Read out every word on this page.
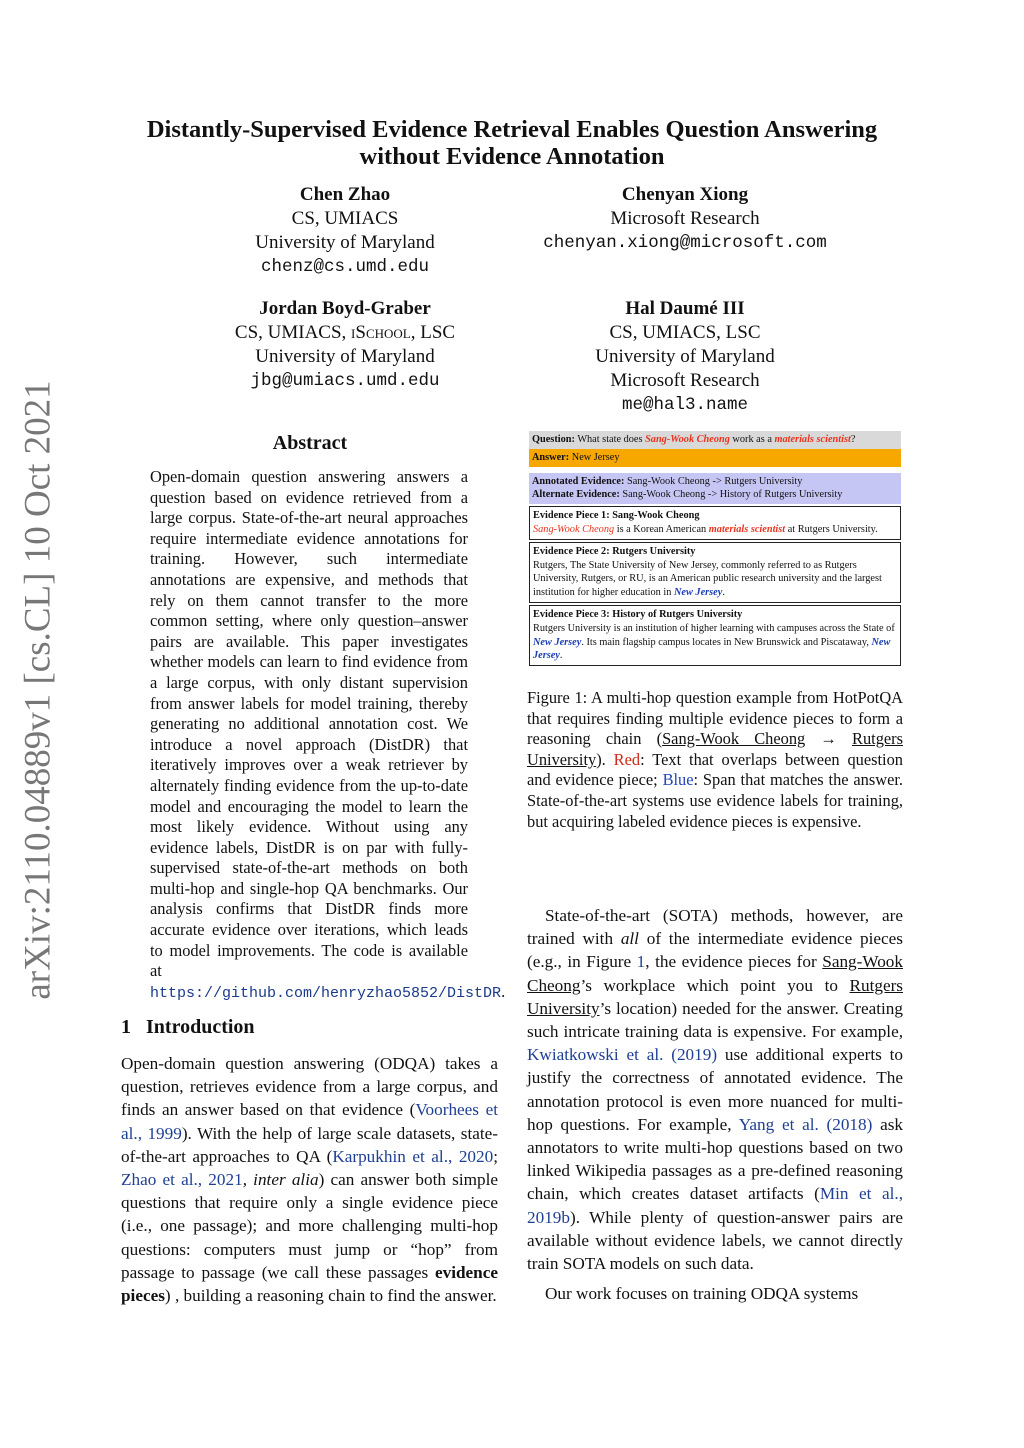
arXiv:2110.04889v1 [cs.CL] 10 Oct 2021
Distantly-Supervised Evidence Retrieval Enables Question Answering
without Evidence Annotation
Chen Zhao
CS, UMIACS
University of Maryland
chenz@cs.umd.edu
Chenyan Xiong
Microsoft Research
chenyan.xiong@microsoft.com
Jordan Boyd-Graber
CS, UMIACS, iSchool, LSC
University of Maryland
jbg@umiacs.umd.edu
Hal Daumé III
CS, UMIACS, LSC
University of Maryland
Microsoft Research
me@hal3.name
Abstract
Open-domain question answering answers a question based on evidence retrieved from a large corpus. State-of-the-art neural approaches require intermediate evidence annotations for training. However, such intermediate annotations are expensive, and methods that rely on them cannot transfer to the more common setting, where only question–answer pairs are available. This paper investigates whether models can learn to find evidence from a large corpus, with only distant supervision from answer labels for model training, thereby generating no additional annotation cost. We introduce a novel approach (DistDR) that iteratively improves over a weak retriever by alternately finding evidence from the up-to-date model and encouraging the model to learn the most likely evidence. Without using any evidence labels, DistDR is on par with fully-supervised state-of-the-art methods on both multi-hop and single-hop QA benchmarks. Our analysis confirms that DistDR finds more accurate evidence over iterations, which leads to model improvements. The code is available at https://github.com/henryzhao5852/DistDR.
1 Introduction
Open-domain question answering (ODQA) takes a question, retrieves evidence from a large corpus, and finds an answer based on that evidence (Voorhees et al., 1999). With the help of large scale datasets, state-of-the-art approaches to QA (Karpukhin et al., 2020; Zhao et al., 2021, inter alia) can answer both simple questions that require only a single evidence piece (i.e., one passage); and more challenging multi-hop questions: computers must jump or “hop” from passage to passage (we call these passages evidence pieces) , building a reasoning chain to find the answer.
Question: What state does Sang-Wook Cheong work as a materials scientist?
Answer: New Jersey
Annotated Evidence: Sang-Wook Cheong -> Rutgers University
Alternate Evidence: Sang-Wook Cheong -> History of Rutgers University
Evidence Piece 1: Sang-Wook Cheong
Sang-Wook Cheong is a Korean American materials scientist at Rutgers University.
Evidence Piece 2: Rutgers University
Rutgers, The State University of New Jersey, commonly referred to as Rutgers University, Rutgers, or RU, is an American public research university and the largest institution for higher education in New Jersey.
Evidence Piece 3: History of Rutgers University
Rutgers University is an institution of higher learning with campuses across the State of New Jersey. Its main flagship campus locates in New Brunswick and Piscataway, New Jersey.
Figure 1: A multi-hop question example from HotPotQA that requires finding multiple evidence pieces to form a reasoning chain (Sang-Wook Cheong → Rutgers University). Red: Text that overlaps between question and evidence piece; Blue: Span that matches the answer. State-of-the-art systems use evidence labels for training, but acquiring labeled evidence pieces is expensive.

State-of-the-art (SOTA) methods, however, are trained with all of the intermediate evidence pieces (e.g., in Figure 1, the evidence pieces for Sang-Wook Cheong’s workplace which point you to Rutgers University’s location) needed for the answer. Creating such intricate training data is expensive. For example, Kwiatkowski et al. (2019) use additional experts to justify the correctness of annotated evidence. The annotation protocol is even more nuanced for multi-hop questions. For example, Yang et al. (2018) ask annotators to write multi-hop questions based on two linked Wikipedia passages as a pre-defined reasoning chain, which creates dataset artifacts (Min et al., 2019b). While plenty of question-answer pairs are available without evidence labels, we cannot directly train SOTA models on such data.

Our work focuses on training ODQA systems
